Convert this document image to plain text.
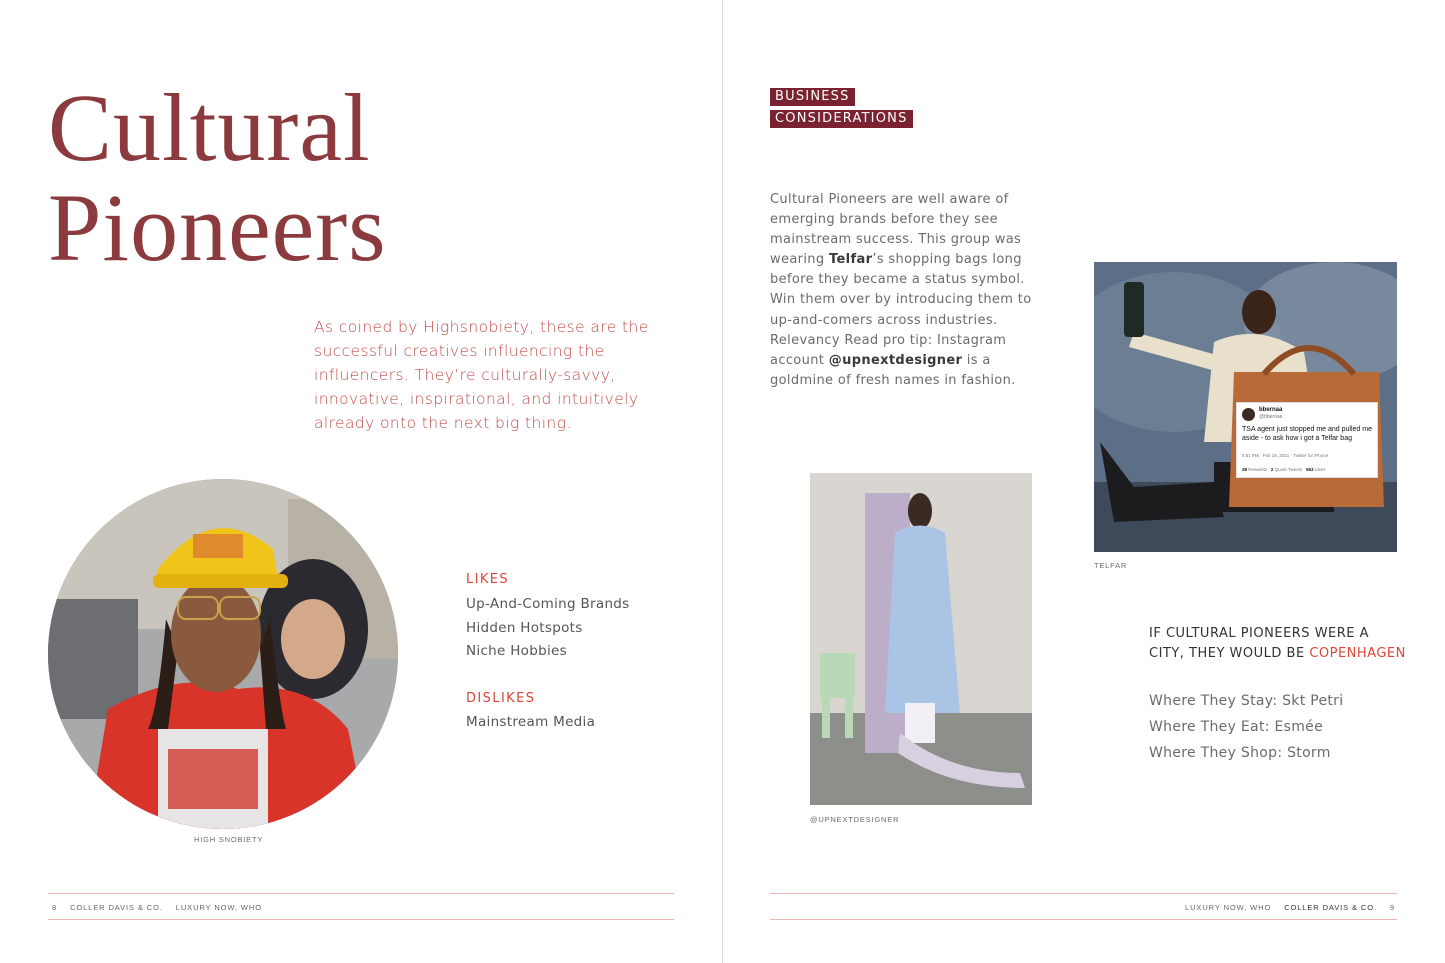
Cultural
Pioneers

As coined by Highsnobiety, these are the successful creatives influencing the influencers. They’re culturally-savvy, innovative, inspirational, and intuitively already onto the next big thing.

HIGH SNOBIETY

LIKES
Up-And-Coming Brands
Hidden Hotspots
Niche Hobbies
DISLIKES
Mainstream Media
8 COLLER DAVIS & CO. LUXURY NOW, WHO

BUSINESS

CONSIDERATIONS

Cultural Pioneers are well aware of emerging brands before they see mainstream success. This group was wearing Telfar’s shopping bags long before they became a status symbol. Win them over by introducing them to up-and-comers across industries. Relevancy Read pro tip: Instagram account @upnextdesigner is a goldmine of fresh names in fashion.

bbernaa
@bbernaa
TSA agent just stopped me and pulled me aside - to ask how i got a Telfar bag
5:51 PM · Feb 19, 2021 · Twitter for iPhone
28 Retweets 2 Quote Tweets 563 Likes

TELFAR

@UPNEXTDESIGNER

IF CULTURAL PIONEERS WERE A CITY, THEY WOULD BE COPENHAGEN
Where They Stay: Skt Petri
Where They Eat: Esmée
Where They Shop: Storm
LUXURY NOW, WHO COLLER DAVIS & CO. 9
